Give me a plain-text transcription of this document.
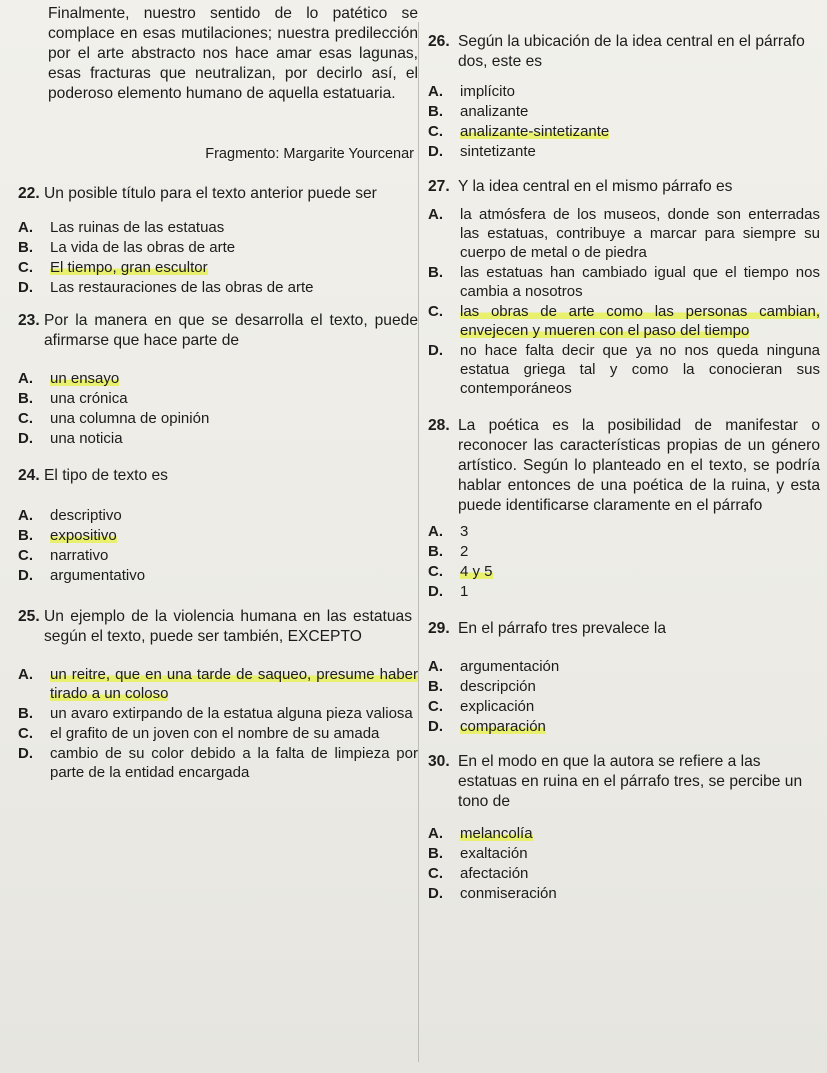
Finalmente, nuestro sentido de lo patético se complace en esas mutilaciones; nuestra predilección por el arte abstracto nos hace amar esas lagunas, esas fracturas que neutralizan, por decirlo así, el poderoso elemento humano de aquella estatuaria.

Fragmento: Margarite Yourcenar

22. Un posible título para el texto anterior puede ser
A.	Las ruinas de las estatuas
B.	La vida de las obras de arte
C.	El tiempo, gran escultor
D.	Las restauraciones de las obras de arte
23. Por la manera en que se desarrolla el texto, puede afirmarse que hace parte de
A.	un ensayo
B.	una crónica
C.	una columna de opinión
D.	una noticia
24. El tipo de texto es
A.	descriptivo
B.	expositivo
C.	narrativo
D.	argumentativo
25. Un ejemplo de la violencia humana en las estatuas según el texto, puede ser también, EXCEPTO
A.	un reitre, que en una tarde de saqueo, presume haber tirado a un coloso
B.	un avaro extirpando de la estatua alguna pieza valiosa
C.	el grafito de un joven con el nombre de su amada
D.	cambio de su color debido a la falta de limpieza por parte de la entidad encargada
26. Según la ubicación de la idea central en el párrafo dos, este es
A.	implícito
B.	analizante
C.	analizante-sintetizante
D.	sintetizante
27. Y la idea central en el mismo párrafo es
A.	la atmósfera de los museos, donde son enterradas las estatuas, contribuye a marcar para siempre su cuerpo de metal o de piedra
B.	las estatuas han cambiado igual que el tiempo nos cambia a nosotros
C.	las obras de arte como las personas cambian, envejecen y mueren con el paso del tiempo
D.	no hace falta decir que ya no nos queda ninguna estatua griega tal y como la conocieran sus contemporáneos
28. La poética es la posibilidad de manifestar o reconocer las características propias de un género artístico. Según lo planteado en el texto, se podría hablar entonces de una poética de la ruina, y esta puede identificarse claramente en el párrafo
A.	3
B.	2
C.	4 y 5
D.	1
29. En el párrafo tres prevalece la
A.	argumentación
B.	descripción
C.	explicación
D.	comparación
30. En el modo en que la autora se refiere a las estatuas en ruina en el párrafo tres, se percibe un tono de
A.	melancolía
B.	exaltación
C.	afectación
D.	conmiseración
